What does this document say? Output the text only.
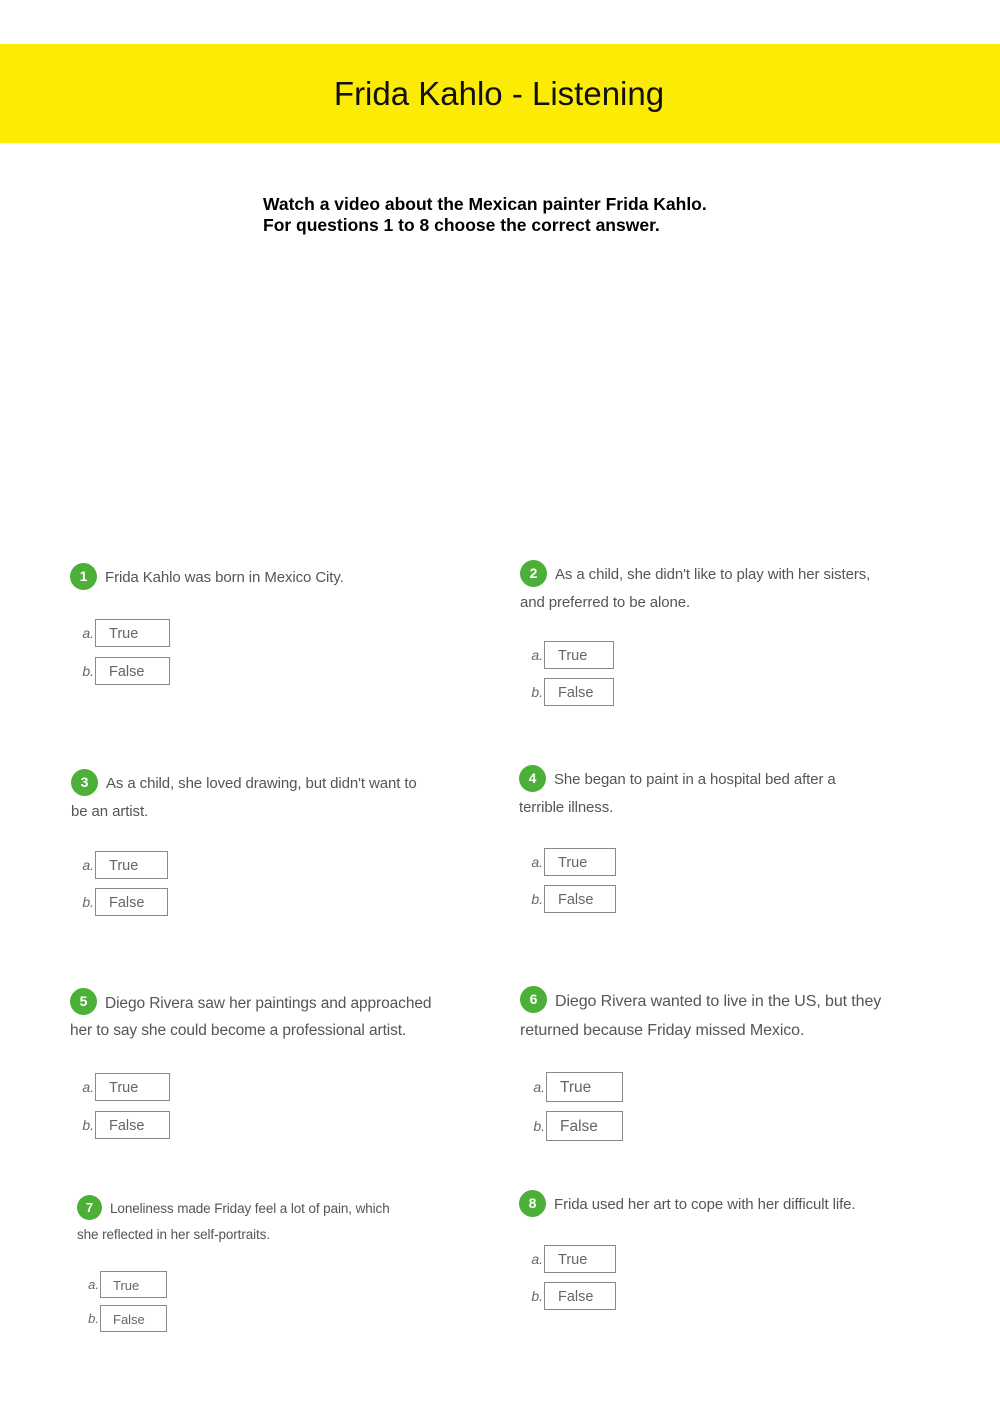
Frida Kahlo - Listening
Watch a video about the Mexican painter Frida Kahlo.
For questions 1 to 8 choose the correct answer.
1 Frida Kahlo was born in Mexico City.
a.	True
b.	False
2 As a child, she didn't like to play with her sisters,
and preferred to be alone.
a.	True
b.	False
3 As a child, she loved drawing, but didn't want to
be an artist.
a.	True
b.	False
4 She began to paint in a hospital bed after a
terrible illness.
a.	True
b.	False
5 Diego Rivera saw her paintings and approached
her to say she could become a professional artist.
a.	True
b.	False
6 Diego Rivera wanted to live in the US, but they
returned because Friday missed Mexico.
a. True
b. False
7 Loneliness made Friday feel a lot of pain, which
she reflected in her self-portraits.
a.	True
b.	False
8 Frida used her art to cope with her difficult life.
a.	True
b.	False
